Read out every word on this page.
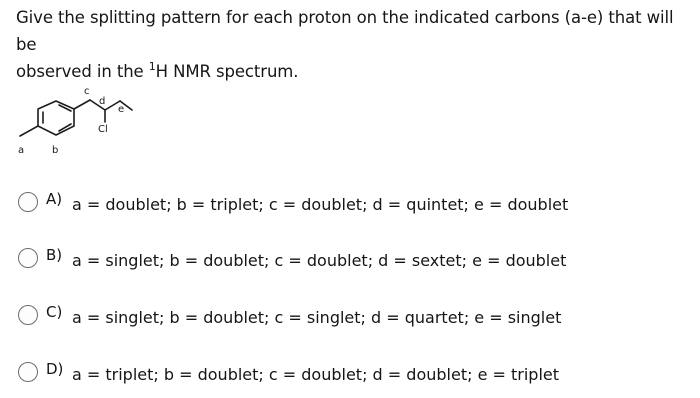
Give the splitting pattern for each proton on the indicated carbons (a-e) that will be
observed in the $^1$H NMR spectrum.
a	b
c
d
e
Cl
A) a = doublet; b = triplet; c = doublet; d = quintet; e = doublet
B) a = singlet; b = doublet; c = doublet; d = sextet; e = doublet
C) a = singlet; b = doublet; c = singlet; d = quartet; e = singlet
D) a = triplet; b = doublet; c = doublet; d = doublet; e = triplet
